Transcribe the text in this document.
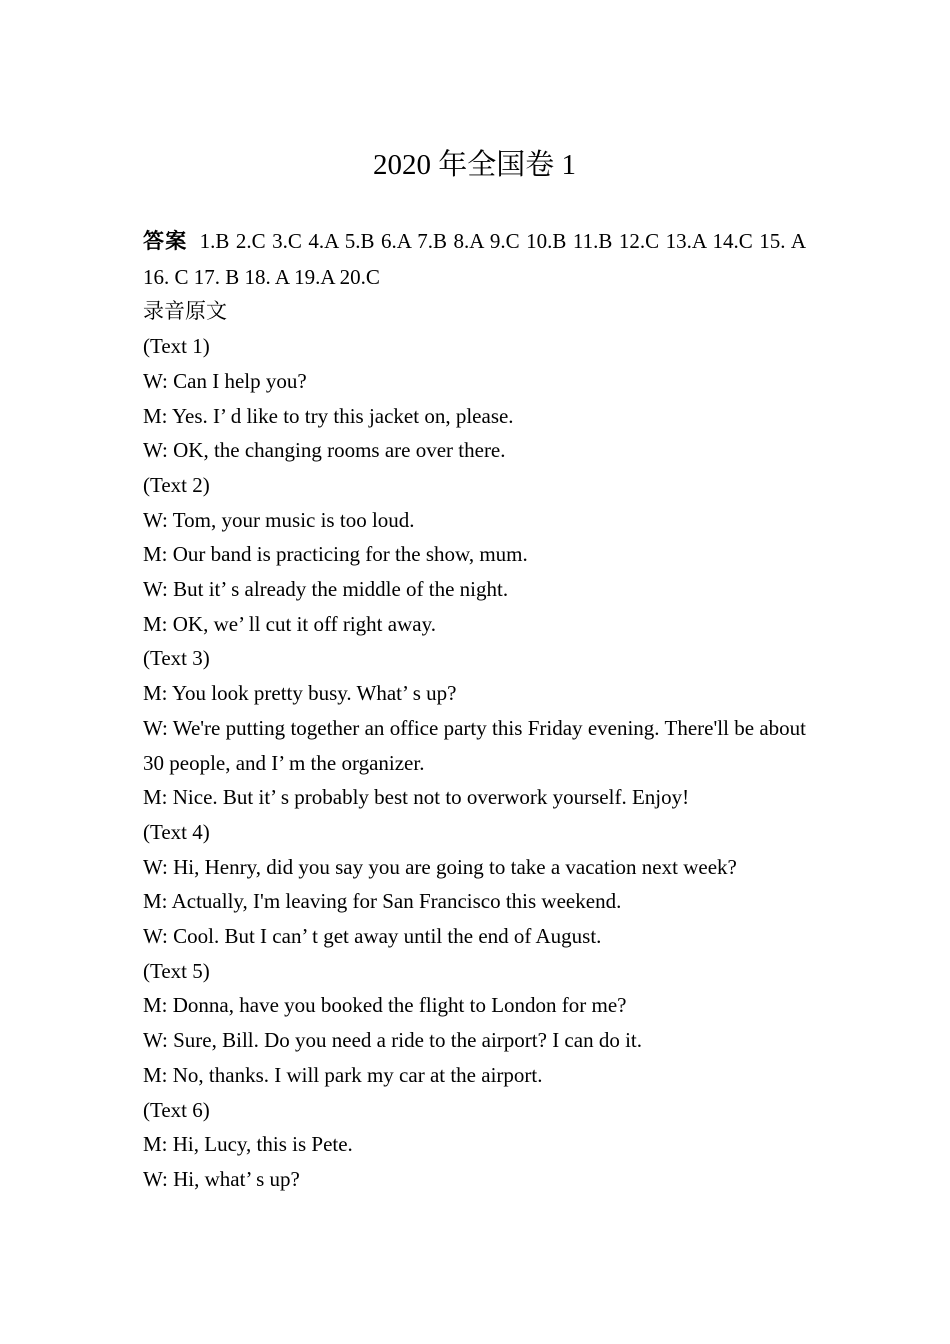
2020 年全国卷 1

答案 1.B 2.C 3.C 4.A 5.B 6.A 7.B 8.A 9.C 10.B 11.B 12.C 13.A 14.C 15. A 16. C 17. B 18. A 19.A 20.C

录音原文

(Text 1)

W: Can I help you?

M: Yes. I’ d like to try this jacket on, please.

W: OK, the changing rooms are over there.

(Text 2)

W: Tom, your music is too loud.

M: Our band is practicing for the show, mum.

W: But it’ s already the middle of the night.

M: OK, we’ ll cut it off right away.

(Text 3)

M: You look pretty busy. What’ s up?

W: We're putting together an office party this Friday evening. There'll be about 30 people, and I’ m the organizer.

M: Nice. But it’ s probably best not to overwork yourself. Enjoy!

(Text 4)

W: Hi, Henry, did you say you are going to take a vacation next week?

M: Actually, I'm leaving for San Francisco this weekend.

W: Cool. But I can’ t get away until the end of August.

(Text 5)

M: Donna, have you booked the flight to London for me?

W: Sure, Bill. Do you need a ride to the airport? I can do it.

M: No, thanks. I will park my car at the airport.

(Text 6)

M: Hi, Lucy, this is Pete.

W: Hi, what’ s up?
